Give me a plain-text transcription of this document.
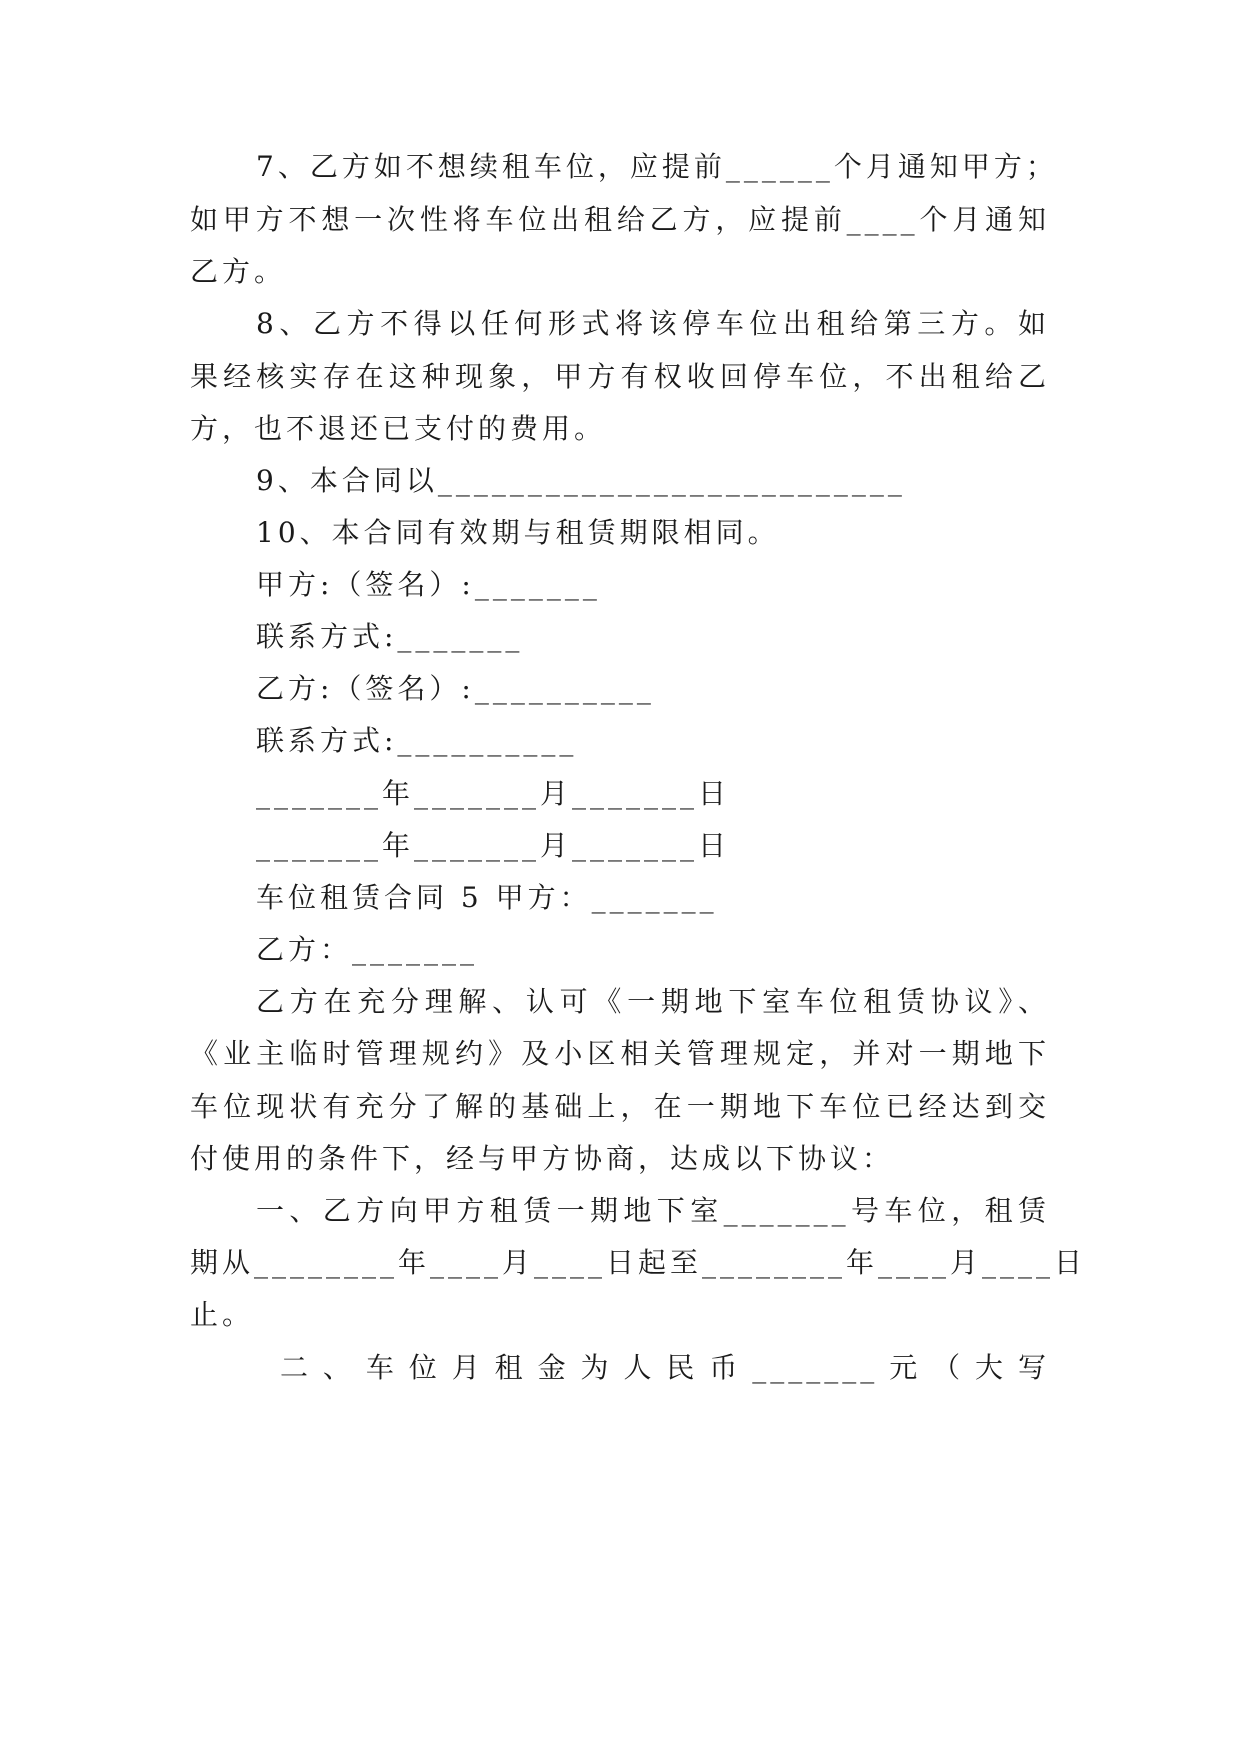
7、乙方如不想续租车位，应提前______个月通知甲方；
如甲方不想一次性将车位出租给乙方，应提前____个月通知
乙方。
8、乙方不得以任何形式将该停车位出租给第三方。如
果经核实存在这种现象，甲方有权收回停车位，不出租给乙
方，也不退还已支付的费用。
9、本合同以__________________________
10、本合同有效期与租赁期限相同。
甲方:（签名）:_______
联系方式:_______
乙方:（签名）:__________
联系方式:__________
_______年_______月_______日
_______年_______月_______日
车位租赁合同 5 甲方：_______
乙方：_______
乙方在充分理解、认可《一期地下室车位租赁协议》、
《业主临时管理规约》及小区相关管理规定，并对一期地下
车位现状有充分了解的基础上，在一期地下车位已经达到交
付使用的条件下，经与甲方协商，达成以下协议：
一、乙方向甲方租赁一期地下室_______号车位，租赁
期从________年____月____日起至________年____月____日
止。
二、车位月租金为人民币_______元（大写
